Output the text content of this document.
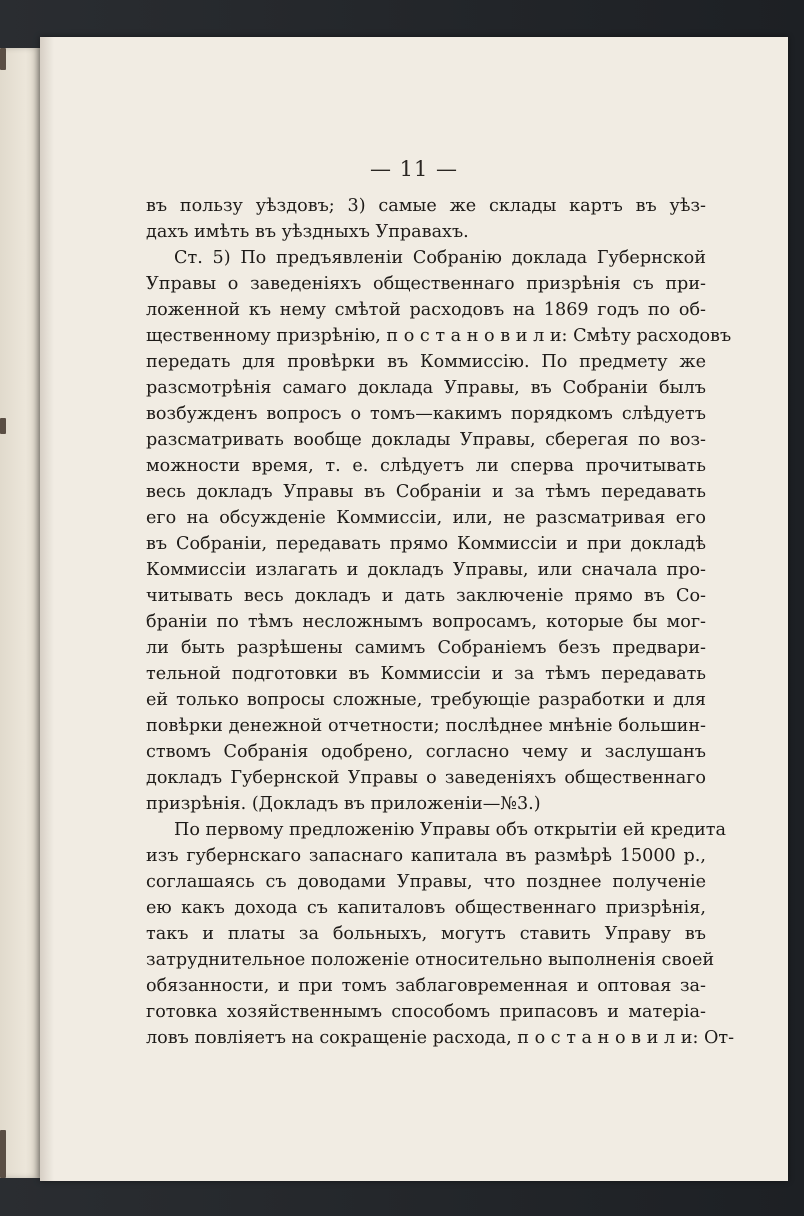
— 11 —
въ пользу уѣздовъ; 3) самые же склады картъ въ уѣз-
дахъ имѣть въ уѣздныхъ Управахъ.
Ст. 5) По предъявленіи Собранію доклада Губернской
Управы о заведеніяхъ общественнаго призрѣнія съ при-
ложенной къ нему смѣтой расходовъ на 1869 годъ по об-
щественному призрѣнію, п о с т а н о в и л и: Смѣту расходовъ
передать для провѣрки въ Коммиссію. По предмету же
разсмотрѣнія самаго доклада Управы, въ Собраніи былъ
возбужденъ вопросъ о томъ—какимъ порядкомъ слѣдуетъ
разсматривать вообще доклады Управы, сберегая по воз-
можности время, т. е. слѣдуетъ ли сперва прочитывать
весь докладъ Управы въ Собраніи и за тѣмъ передавать
его на обсужденіе Коммиссіи, или, не разсматривая его
въ Собраніи, передавать прямо Коммиссіи и при докладѣ
Коммиссіи излагать и докладъ Управы, или сначала про-
читывать весь докладъ и дать заключеніе прямо въ Со-
браніи по тѣмъ несложнымъ вопросамъ, которые бы мог-
ли быть разрѣшены самимъ Собраніемъ безъ предвари-
тельной подготовки въ Коммиссіи и за тѣмъ передавать
ей только вопросы сложные, требующіе разработки и для
повѣрки денежной отчетности; послѣднее мнѣніе большин-
ствомъ Собранія одобрено, согласно чему и заслушанъ
докладъ Губернской Управы о заведеніяхъ общественнаго
призрѣнія. (Докладъ въ приложеніи—№3.)
По первому предложенію Управы объ открытіи ей кредита
изъ губернскаго запаснаго капитала въ размѣрѣ 15000 р.,
соглашаясь съ доводами Управы, что позднее полученіе
ею какъ дохода съ капиталовъ общественнаго призрѣнія,
такъ и платы за больныхъ, могутъ ставить Управу въ
затруднительное положеніе относительно выполненія своей
обязанности, и при томъ заблаговременная и оптовая за-
готовка хозяйственнымъ способомъ припасовъ и матеріа-
ловъ повліяетъ на сокращеніе расхода, п о с т а н о в и л и: От-
